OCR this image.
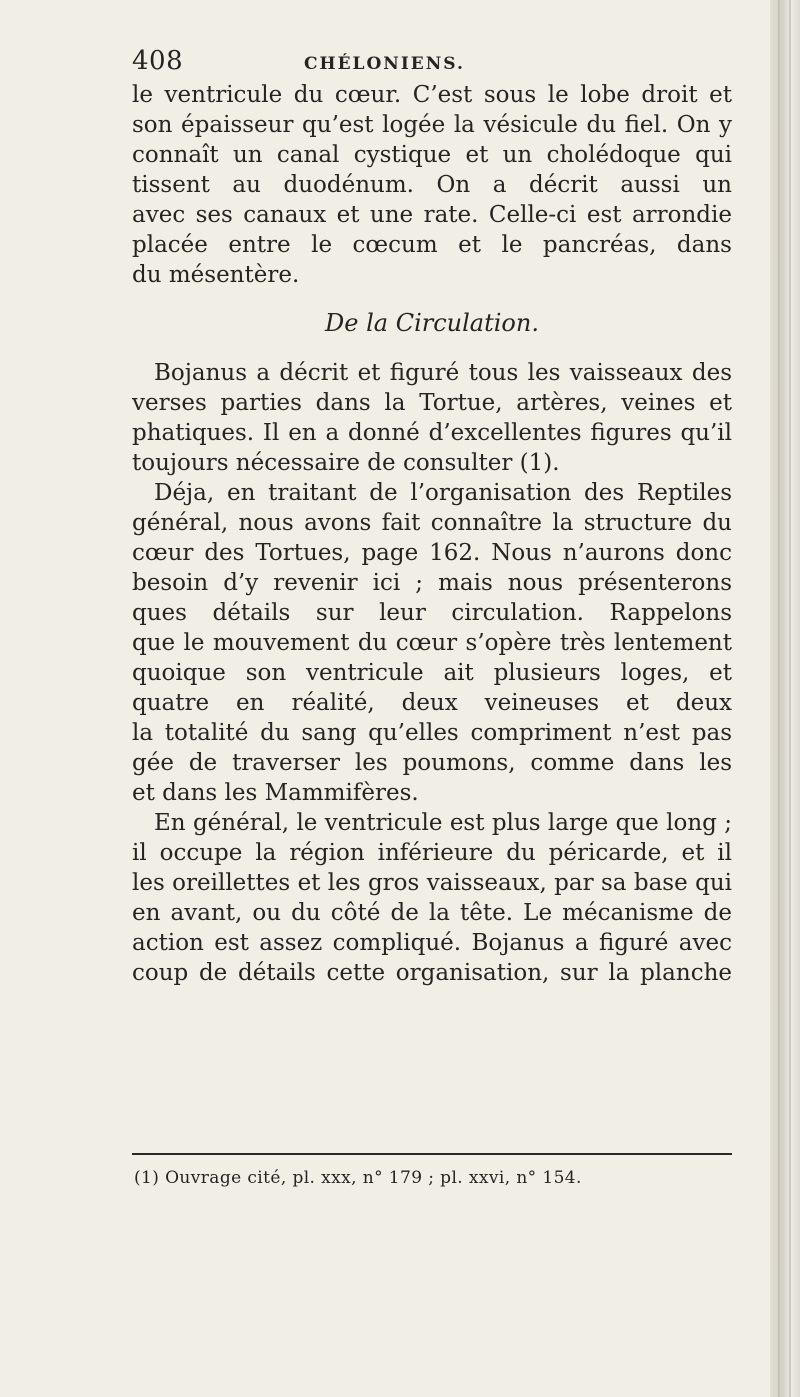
408	CHÉLONIENS.
le ventricule du cœur. C’est sous le lobe droit et
son épaisseur qu’est logée la vésicule du fiel. On y
connaît un canal cystique et un cholédoque qui
tissent au duodénum. On a décrit aussi un
avec ses canaux et une rate. Celle-ci est arrondie
placée entre le cœcum et le pancréas, dans
du mésentère.
De la Circulation.
Bojanus a décrit et figuré tous les vaisseaux des
verses parties dans la Tortue, artères, veines et
phatiques. Il en a donné d’excellentes figures qu’il
toujours nécessaire de consulter (1).
Déja, en traitant de l’organisation des Reptiles
général, nous avons fait connaître la structure du
cœur des Tortues, page 162. Nous n’aurons donc
besoin d’y revenir ici ; mais nous présenterons
ques détails sur leur circulation. Rappelons
que le mouvement du cœur s’opère très lentement
quoique son ventricule ait plusieurs loges, et
quatre en réalité, deux veineuses et deux
la totalité du sang qu’elles compriment n’est pas
gée de traverser les poumons, comme dans les
et dans les Mammifères.
En général, le ventricule est plus large que long ;
il occupe la région inférieure du péricarde, et il
les oreillettes et les gros vaisseaux, par sa base qui
en avant, ou du côté de la tête. Le mécanisme de
action est assez compliqué. Bojanus a figuré avec
coup de détails cette organisation, sur la planche
(1) Ouvrage cité, pl. xxx, n° 179 ; pl. xxvi, n° 154.
